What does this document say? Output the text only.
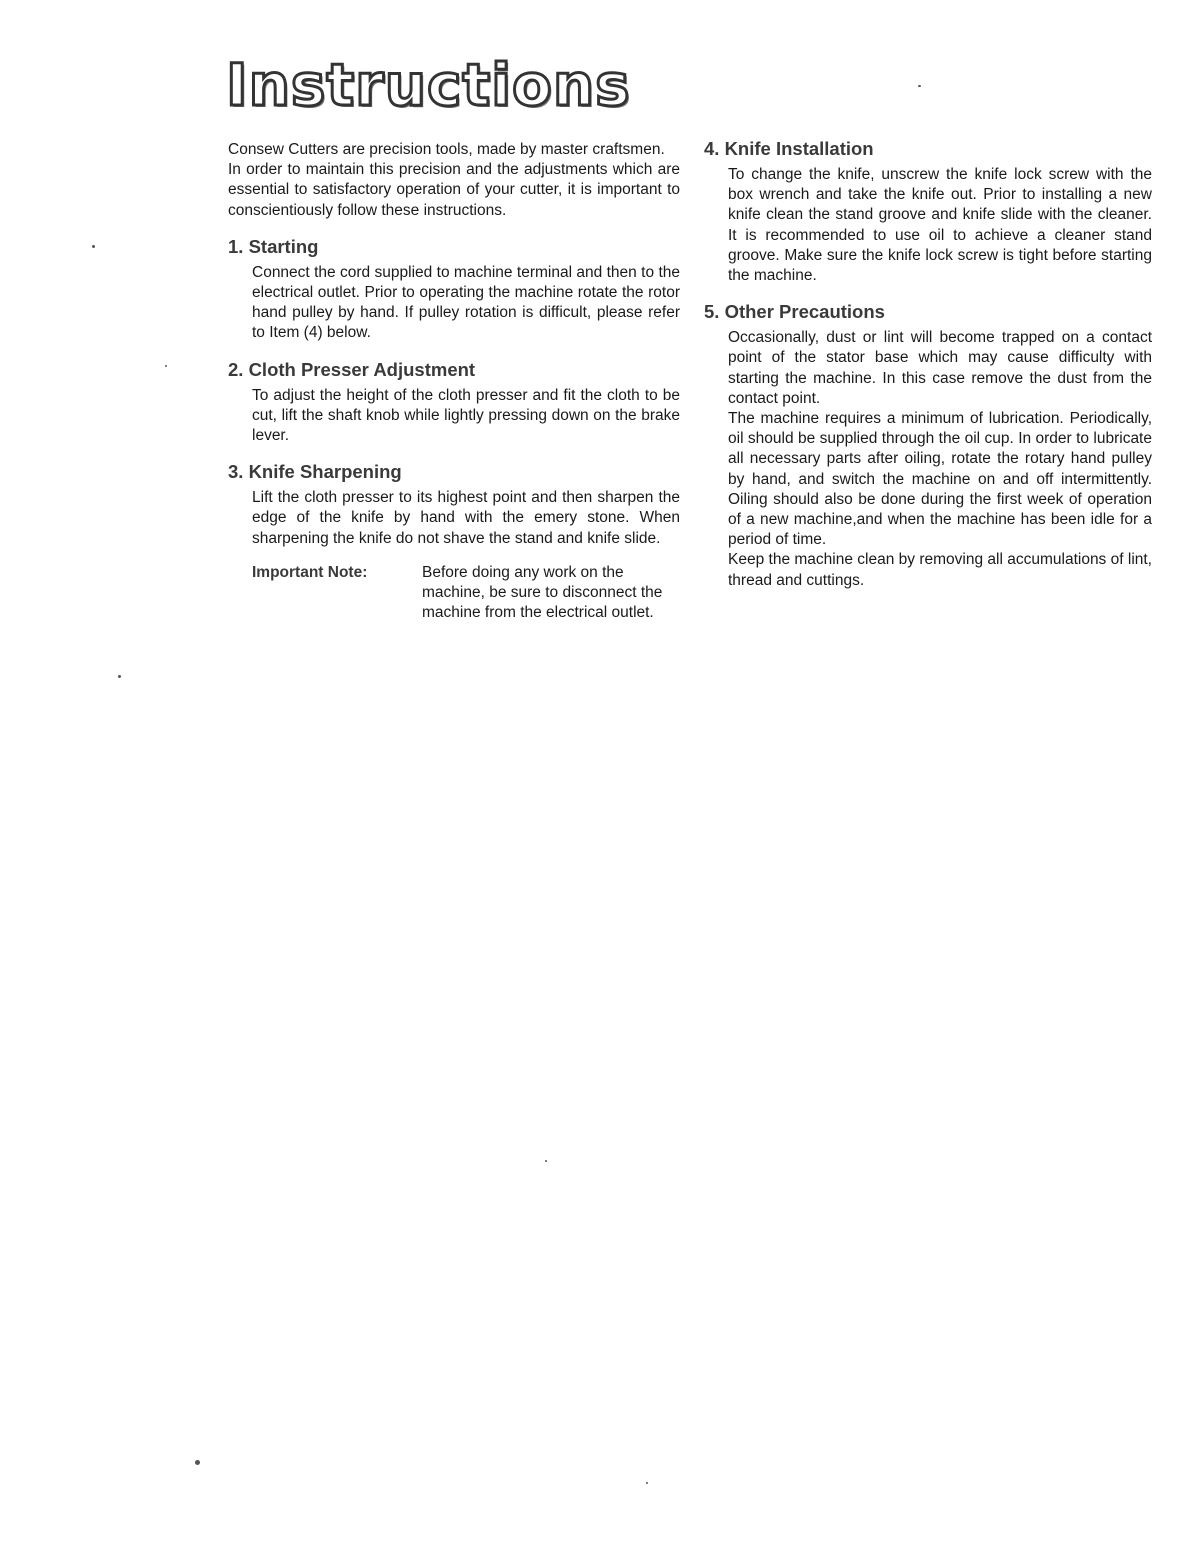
Instructions

Consew Cutters are precision tools, made by master craftsmen.

In order to maintain this precision and the adjustments which are essential to satisfactory operation of your cutter, it is important to conscientiously follow these instructions.

1. Starting

Connect the cord supplied to machine terminal and then to the electrical outlet. Prior to operating the machine rotate the rotor hand pulley by hand. If pulley rotation is difficult, please refer to Item (4) below.

2. Cloth Presser Adjustment

To adjust the height of the cloth presser and fit the cloth to be cut, lift the shaft knob while lightly pressing down on the brake lever.

3. Knife Sharpening

Lift the cloth presser to its highest point and then sharpen the edge of the knife by hand with the emery stone. When sharpening the knife do not shave the stand and knife slide.

Important Note:	Before doing any work on the machine, be sure to disconnect the machine from the electrical outlet.
4. Knife Installation

To change the knife, unscrew the knife lock screw with the box wrench and take the knife out. Prior to installing a new knife clean the stand groove and knife slide with the cleaner. It is recommended to use oil to achieve a cleaner stand groove. Make sure the knife lock screw is tight before starting the machine.

5. Other Precautions

Occasionally, dust or lint will become trapped on a contact point of the stator base which may cause difficulty with starting the machine. In this case remove the dust from the contact point.

The machine requires a minimum of lubrication. Periodically, oil should be supplied through the oil cup. In order to lubricate all necessary parts after oiling, rotate the rotary hand pulley by hand, and switch the machine on and off intermittently. Oiling should also be done during the first week of operation of a new machine,and when the machine has been idle for a period of time.

Keep the machine clean by removing all accumulations of lint, thread and cuttings.
